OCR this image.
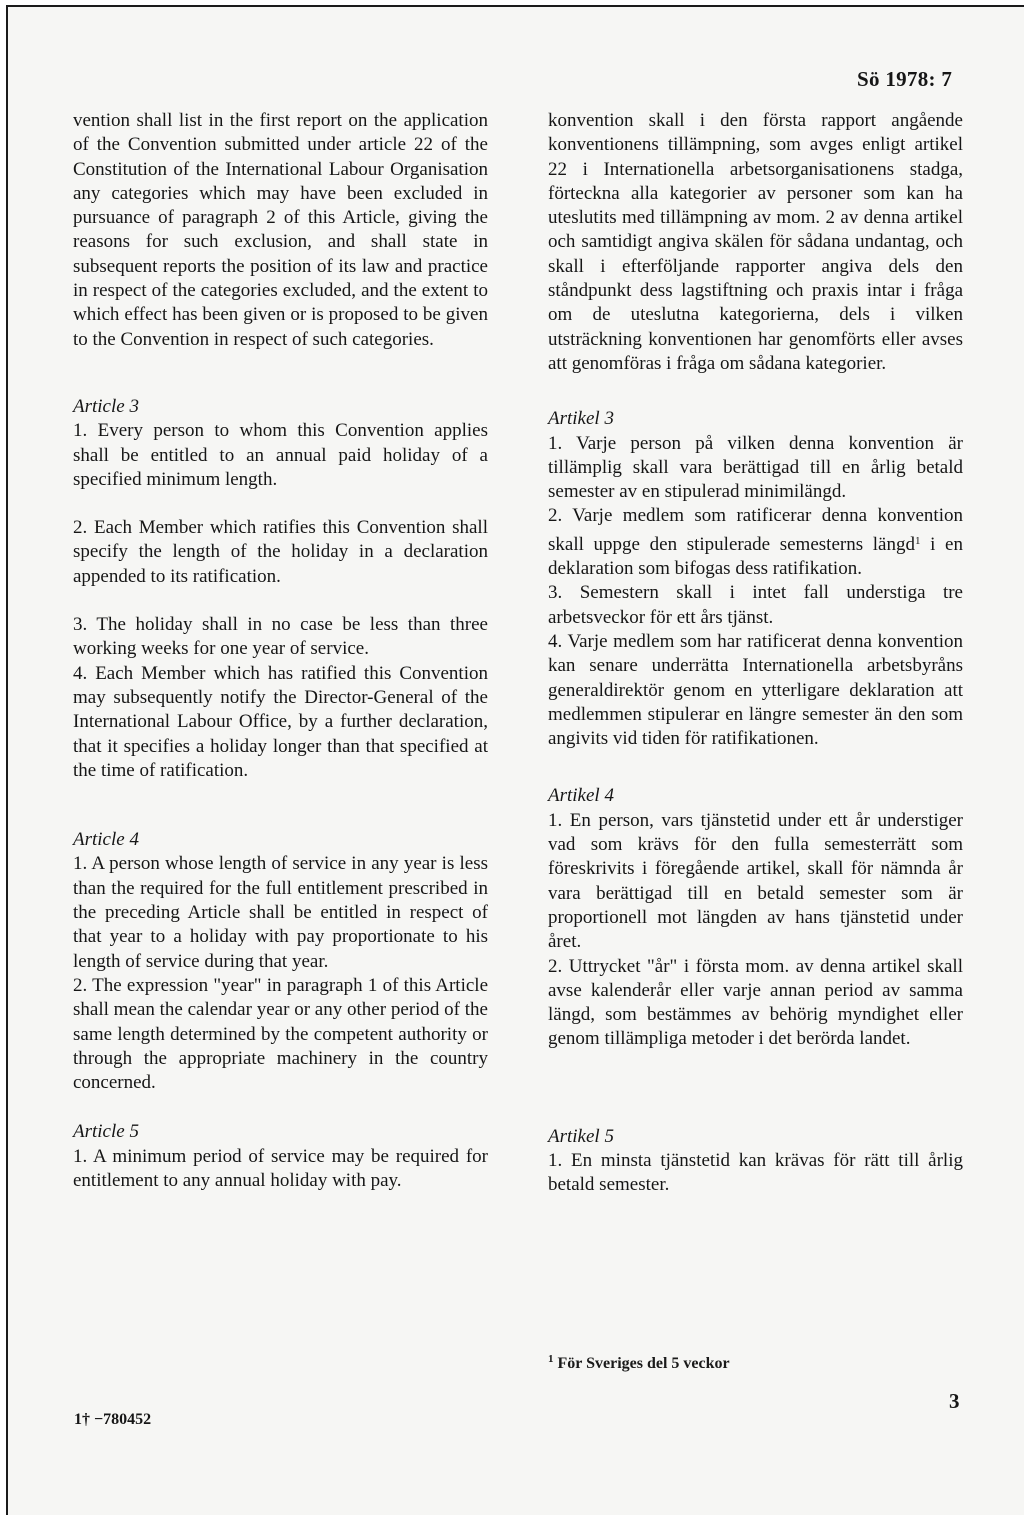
Sö 1978: 7

vention shall list in the first report on the application of the Convention submitted under article 22 of the Constitution of the International Labour Organisation any categories which may have been excluded in pursuance of paragraph 2 of this Article, giving the reasons for such exclusion, and shall state in subsequent reports the position of its law and practice in respect of the categories excluded, and the extent to which effect has been given or is proposed to be given to the Convention in respect of such categories.

Article 3

1. Every person to whom this Convention applies shall be entitled to an annual paid holiday of a specified minimum length.

2. Each Member which ratifies this Convention shall specify the length of the holiday in a declaration appended to its ratification.

3. The holiday shall in no case be less than three working weeks for one year of service.

4. Each Member which has ratified this Convention may subsequently notify the Director-General of the International Labour Office, by a further declaration, that it specifies a holiday longer than that specified at the time of ratification.

Article 4

1. A person whose length of service in any year is less than the required for the full entitlement prescribed in the preceding Article shall be entitled in respect of that year to a holiday with pay proportionate to his length of service during that year.

2. The expression "year" in paragraph 1 of this Article shall mean the calendar year or any other period of the same length determined by the competent authority or through the appropriate machinery in the country concerned.

Article 5

1. A minimum period of service may be required for entitlement to any annual holiday with pay.

konvention skall i den första rapport angående konventionens tillämpning, som avges enligt artikel 22 i Internationella arbetsorganisationens stadga, förteckna alla kategorier av personer som kan ha uteslutits med tillämpning av mom. 2 av denna artikel och samtidigt angiva skälen för sådana undantag, och skall i efterföljande rapporter angiva dels den ståndpunkt dess lagstiftning och praxis intar i fråga om de uteslutna kategorierna, dels i vilken utsträckning konventionen har genomförts eller avses att genomföras i fråga om sådana kategorier.

Artikel 3

1. Varje person på vilken denna konvention är tillämplig skall vara berättigad till en årlig betald semester av en stipulerad minimilängd.

2. Varje medlem som ratificerar denna konvention skall uppge den stipulerade semesterns längd$^1$ i en deklaration som bifogas dess ratifikation.

3. Semestern skall i intet fall understiga tre arbetsveckor för ett års tjänst.

4. Varje medlem som har ratificerat denna konvention kan senare underrätta Internationella arbetsbyråns generaldirektör genom en ytterligare deklaration att medlemmen stipulerar en längre semester än den som angivits vid tiden för ratifikationen.

Artikel 4

1. En person, vars tjänstetid under ett år understiger vad som krävs för den fulla semesterrätt som föreskrivits i föregående artikel, skall för nämnda år vara berättigad till en betald semester som är proportionell mot längden av hans tjänstetid under året.

2. Uttrycket "år" i första mom. av denna artikel skall avse kalenderår eller varje annan period av samma längd, som bestämmes av behörig myndighet eller genom tillämpliga metoder i det berörda landet.

Artikel 5

1. En minsta tjänstetid kan krävas för rätt till årlig betald semester.

$^1$ För Sveriges del 5 veckor
3
1† −780452
